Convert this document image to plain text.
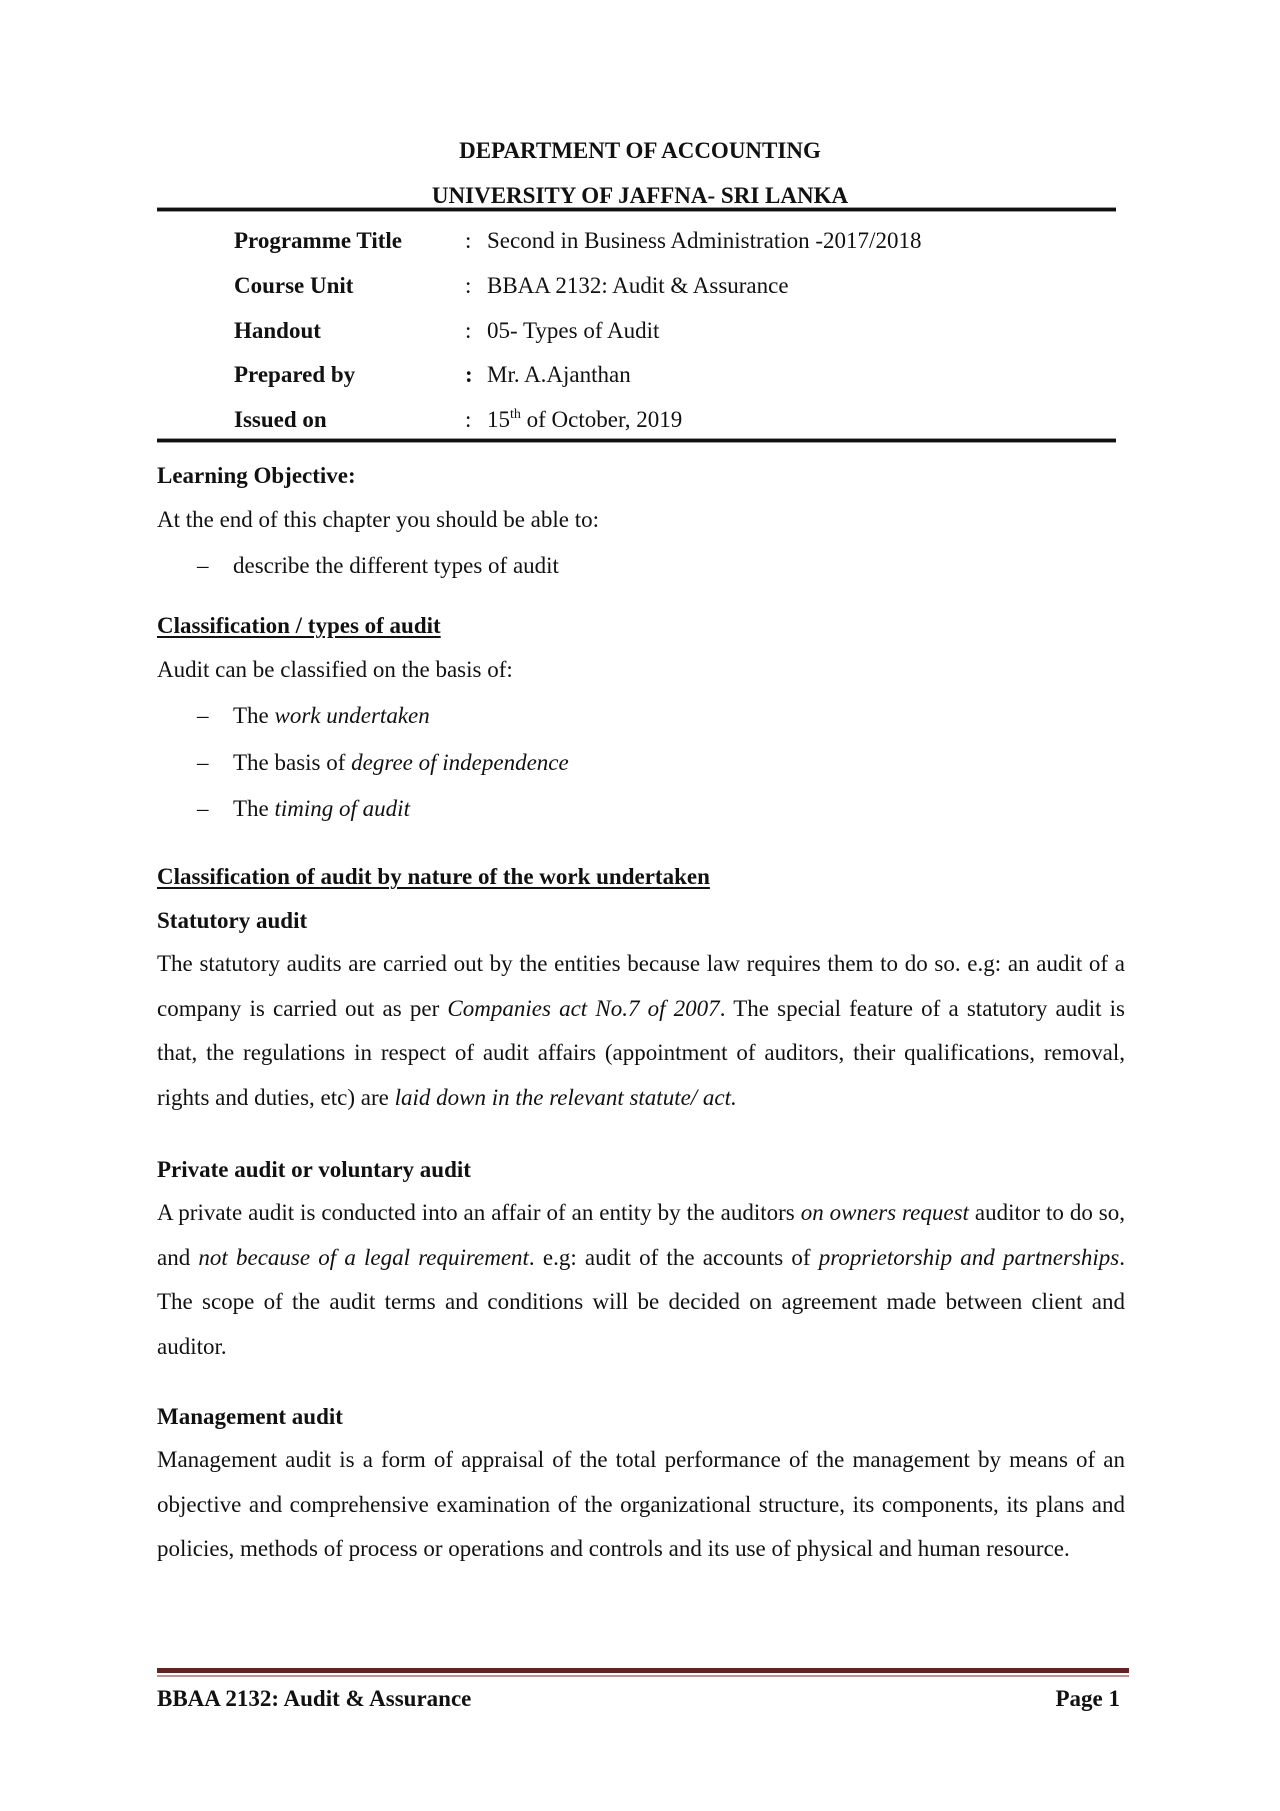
DEPARTMENT OF ACCOUNTING
UNIVERSITY OF JAFFNA- SRI LANKA
Programme Title	: Second in Business Administration -2017/2018
Course Unit	: BBAA 2132: Audit & Assurance
Handout	: 05- Types of Audit
Prepared by	: Mr. A.Ajanthan
Issued on	: 15th of October, 2019
Learning Objective:
At the end of this chapter you should be able to:
– describe the different types of audit
Classification / types of audit
Audit can be classified on the basis of:
– The work undertaken
– The basis of degree of independence
– The timing of audit
Classification of audit by nature of the work undertaken
Statutory audit
The statutory audits are carried out by the entities because law requires them to do so. e.g: an audit of a company is carried out as per Companies act No.7 of 2007. The special feature of a statutory audit is that, the regulations in respect of audit affairs (appointment of auditors, their qualifications, removal, rights and duties, etc) are laid down in the relevant statute/ act.
Private audit or voluntary audit
A private audit is conducted into an affair of an entity by the auditors on owners request auditor to do so, and not because of a legal requirement. e.g: audit of the accounts of proprietorship and partnerships. The scope of the audit terms and conditions will be decided on agreement made between client and auditor.
Management audit
Management audit is a form of appraisal of the total performance of the management by means of an objective and comprehensive examination of the organizational structure, its components, its plans and policies, methods of process or operations and controls and its use of physical and human resource.
BBAA 2132: Audit & Assurance	Page 1
